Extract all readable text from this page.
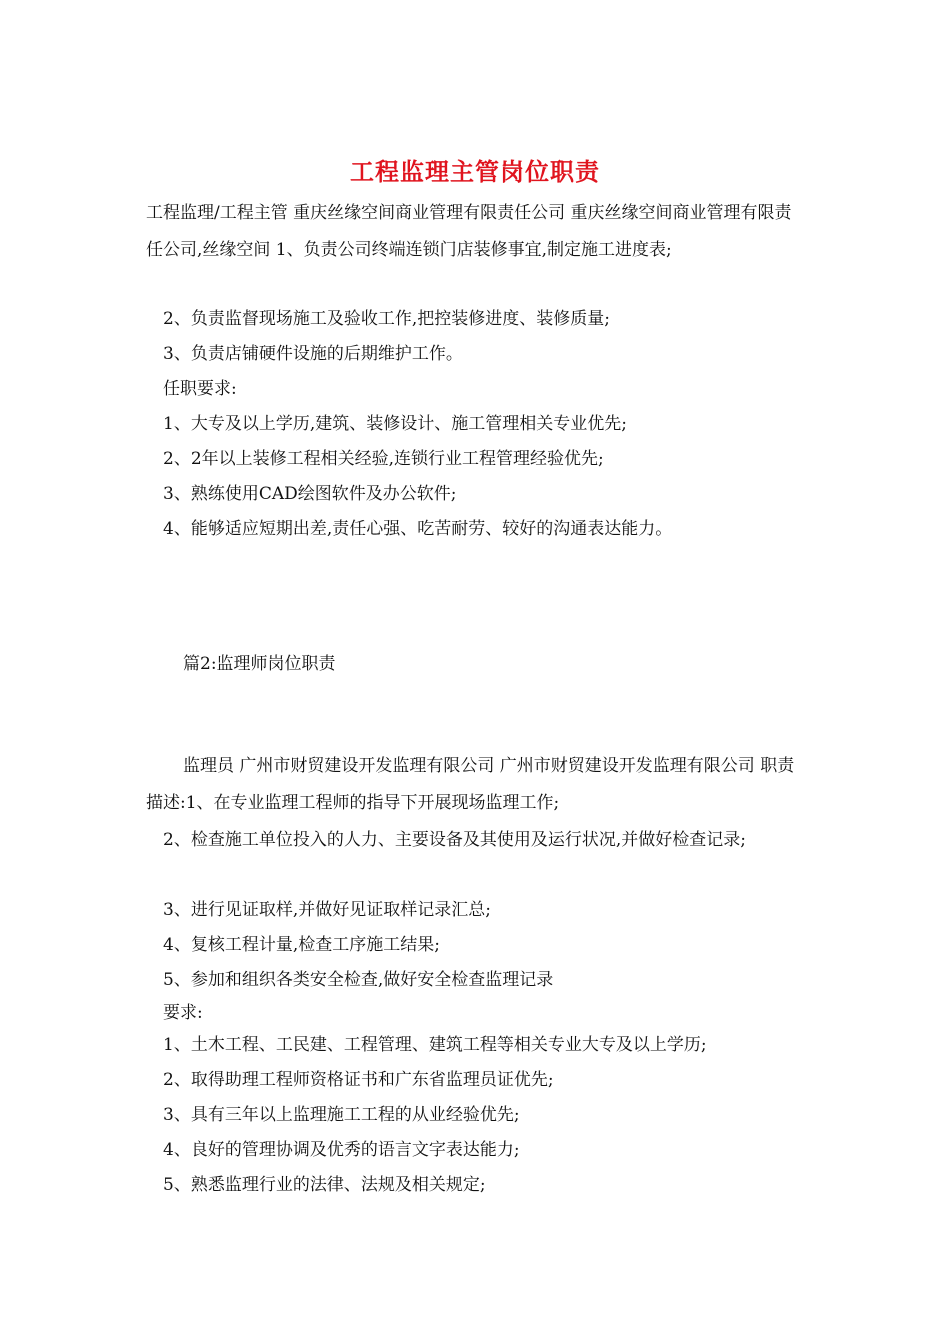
工程监理主管岗位职责
工程监理/工程主管 重庆丝缘空间商业管理有限责任公司 重庆丝缘空间商业管理有限责任公司,丝缘空间 1、负责公司终端连锁门店装修事宜,制定施工进度表;
2、负责监督现场施工及验收工作,把控装修进度、装修质量;
3、负责店铺硬件设施的后期维护工作。
任职要求:
1、大专及以上学历,建筑、装修设计、施工管理相关专业优先;
2、2年以上装修工程相关经验,连锁行业工程管理经验优先;
3、熟练使用CAD绘图软件及办公软件;
4、能够适应短期出差,责任心强、吃苦耐劳、较好的沟通表达能力。
篇2:监理师岗位职责
监理员 广州市财贸建设开发监理有限公司 广州市财贸建设开发监理有限公司 职责描述:1、在专业监理工程师的指导下开展现场监理工作;
2、检查施工单位投入的人力、主要设备及其使用及运行状况,并做好检查记录;
3、进行见证取样,并做好见证取样记录汇总;
4、复核工程计量,检查工序施工结果;
5、参加和组织各类安全检查,做好安全检查监理记录
要求:
1、土木工程、工民建、工程管理、建筑工程等相关专业大专及以上学历;
2、取得助理工程师资格证书和广东省监理员证优先;
3、具有三年以上监理施工工程的从业经验优先;
4、良好的管理协调及优秀的语言文字表达能力;
5、熟悉监理行业的法律、法规及相关规定;
